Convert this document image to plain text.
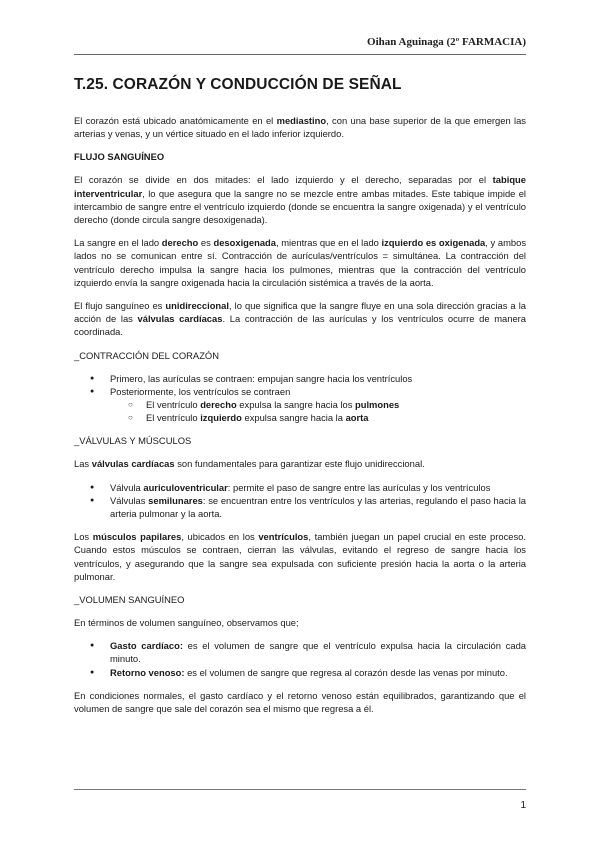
Oihan Aguinaga (2º FARMACIA)
T.25. CORAZÓN Y CONDUCCIÓN DE SEÑAL

El corazón está ubicado anatómicamente en el mediastino, con una base superior de la que emergen las arterias y venas, y un vértice situado en el lado inferior izquierdo.

FLUJO SANGUÍNEO

El corazón se divide en dos mitades: el lado izquierdo y el derecho, separadas por el tabique interventricular, lo que asegura que la sangre no se mezcle entre ambas mitades. Este tabique impide el intercambio de sangre entre el ventrículo izquierdo (donde se encuentra la sangre oxigenada) y el ventrículo derecho (donde circula sangre desoxigenada).

La sangre en el lado derecho es desoxigenada, mientras que en el lado izquierdo es oxigenada, y ambos lados no se comunican entre sí. Contracción de aurículas/ventrículos = simultánea. La contracción del ventrículo derecho impulsa la sangre hacia los pulmones, mientras que la contracción del ventrículo izquierdo envía la sangre oxigenada hacia la circulación sistémica a través de la aorta.

El flujo sanguíneo es unidireccional, lo que significa que la sangre fluye en una sola dirección gracias a la acción de las válvulas cardíacas. La contracción de las aurículas y los ventrículos ocurre de manera coordinada.

_CONTRACCIÓN DEL CORAZÓN
● Primero, las aurículas se contraen: empujan sangre hacia los ventrículos
● Posteriormente, los ventrículos se contraen
○ El ventrículo derecho expulsa la sangre hacia los pulmones
○ El ventrículo izquierdo expulsa sangre hacia la aorta
_VÁLVULAS Y MÚSCULOS

Las válvulas cardíacas son fundamentales para garantizar este flujo unidireccional.

● Válvula auriculoventricular: permite el paso de sangre entre las aurículas y los ventrículos
● Válvulas semilunares: se encuentran entre los ventrículos y las arterias, regulando el paso hacia la arteria pulmonar y la aorta.

Los músculos papilares, ubicados en los ventrículos, también juegan un papel crucial en este proceso. Cuando estos músculos se contraen, cierran las válvulas, evitando el regreso de sangre hacia los ventrículos, y asegurando que la sangre sea expulsada con suficiente presión hacia la aorta o la arteria pulmonar.

_VOLUMEN SANGUÍNEO

En términos de volumen sanguíneo, observamos que;

● Gasto cardíaco: es el volumen de sangre que el ventrículo expulsa hacia la circulación cada minuto.
● Retorno venoso: es el volumen de sangre que regresa al corazón desde las venas por minuto.

En condiciones normales, el gasto cardíaco y el retorno venoso están equilibrados, garantizando que el volumen de sangre que sale del corazón sea el mismo que regresa a él.

1
